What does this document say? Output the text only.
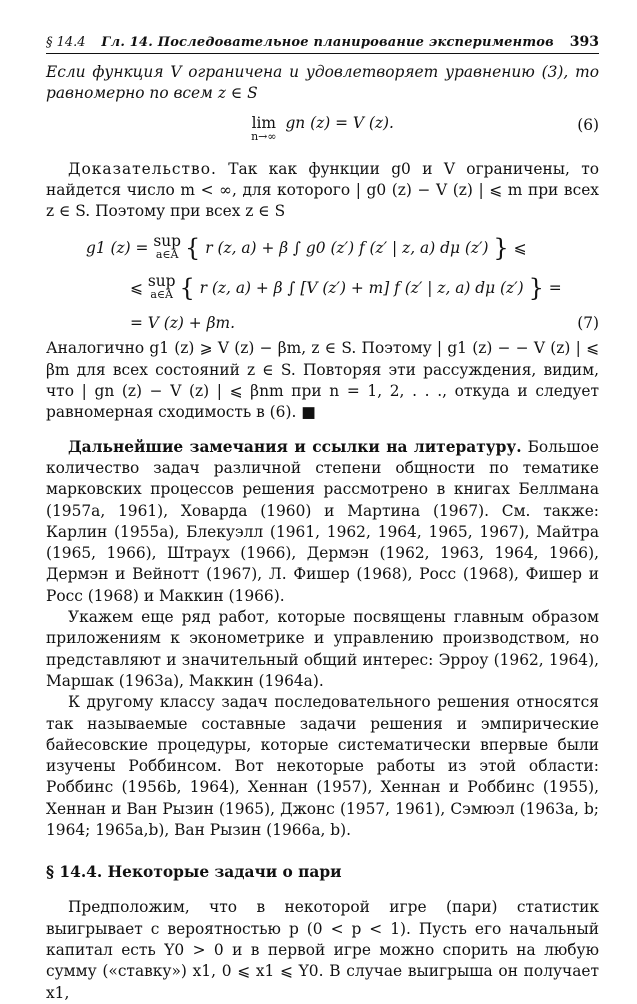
§ 14.4 Гл. 14. Последовательное планирование экспериментов 393

Если функция V ограничена и удовлетворяет уравнению (3), то равномерно по всем z ∈ S

lim
n→∞
gn (z) = V (z).	(6)

Доказательство. Так как функции g0 и V ограничены, то найдется число m < ∞, для которого | g0 (z) − V (z) | ⩽ m при всех z ∈ S. Поэтому при всех z ∈ S

g1 (z) =
sup
a∈A {
r (z, a) + β ∫ g0 (z′) f (z′ | z, a) dμ (z′)
}
⩽
⩽
sup
a∈A {
r (z, a) + β ∫ [V (z′) + m] f (z′ | z, a) dμ (z′)
}
=
= V (z) + βm.	(7)

Аналогично g1 (z) ⩾ V (z) − βm, z ∈ S. Поэтому | g1 (z) − − V (z) | ⩽ βm для всех состояний z ∈ S. Повторяя эти рассуждения, видим, что | gn (z) − V (z) | ⩽ βnm при n = 1, 2, . . ., откуда и следует равномерная сходимость в (6). ■

Дальнейшие замечания и ссылки на литературу. Большое количество задач различной степени общности по тематике марковских процессов решения рассмотрено в книгах Беллмана (1957a, 1961), Ховарда (1960) и Мартина (1967). См. также: Карлин (1955a), Блекуэлл (1961, 1962, 1964, 1965, 1967), Майтра (1965, 1966), Штраух (1966), Дермэн (1962, 1963, 1964, 1966), Дермэн и Вейнотт (1967), Л. Фишер (1968), Росс (1968), Фишер и Росс (1968) и Маккин (1966).

Укажем еще ряд работ, которые посвящены главным образом приложениям к эконометрике и управлению производством, но представляют и значительный общий интерес: Эрроу (1962, 1964), Маршак (1963a), Маккин (1964a).

К другому классу задач последовательного решения относятся так называемые составные задачи решения и эмпирические байесовские процедуры, которые систематически впервые были изучены Роббинсом. Вот некоторые работы из этой области: Роббинс (1956b, 1964), Хеннан (1957), Хеннан и Роббинс (1955), Хеннан и Ван Рызин (1965), Джонс (1957, 1961), Сэмюэл (1963a, b; 1964; 1965a,b), Ван Рызин (1966a, b).

§ 14.4. Некоторые задачи о пари

Предположим, что в некоторой игре (пари) статистик выигрывает с вероятностью p (0 < p < 1). Пусть его начальный капитал есть Y0 > 0 и в первой игре можно спорить на любую сумму («ставку») x1, 0 ⩽ x1 ⩽ Y0. В случае выигрыша он получает x1,
